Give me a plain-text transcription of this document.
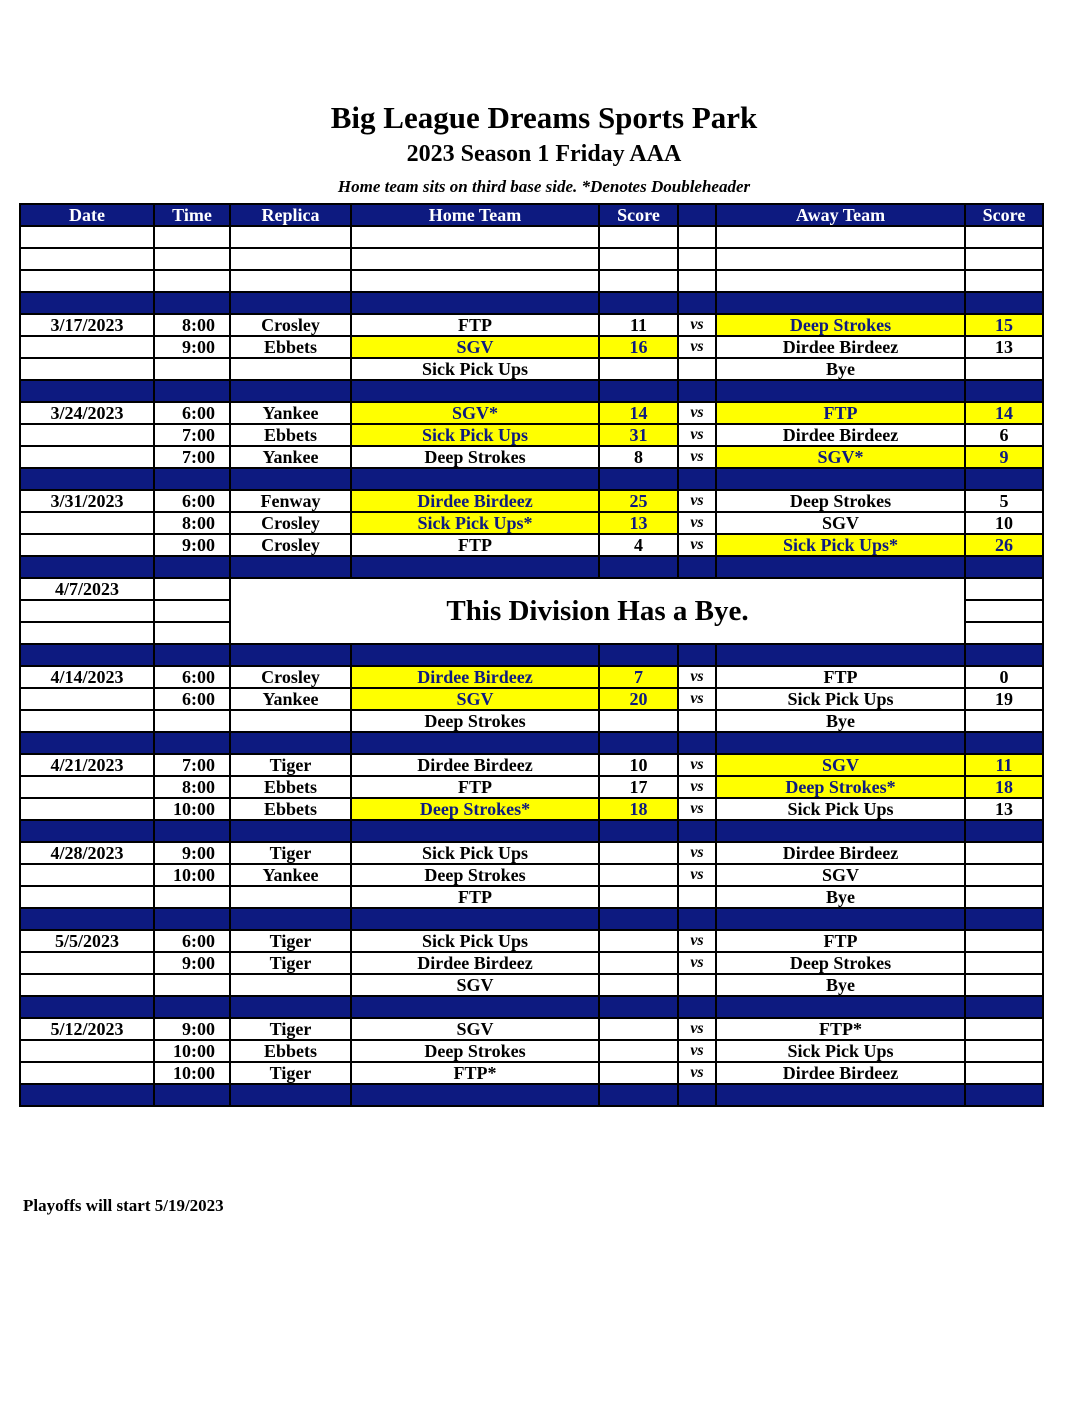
Big League Dreams Sports Park
2023 Season 1 Friday AAA
Home team sits on third base side. *Denotes Doubleheader
Date	Time	Replica	Home Team	Score		Away Team	Score

3/17/2023	8:00	Crosley	FTP	11	vs	Deep Strokes	15
	9:00	Ebbets	SGV	16	vs	Dirdee Birdeez	13
			Sick Pick Ups			Bye	

3/24/2023	6:00	Yankee	SGV*	14	vs	FTP	14
	7:00	Ebbets	Sick Pick Ups	31	vs	Dirdee Birdeez	6
	7:00	Yankee	Deep Strokes	8	vs	SGV*	9

3/31/2023	6:00	Fenway	Dirdee Birdeez	25	vs	Deep Strokes	5
	8:00	Crosley	Sick Pick Ups*	13	vs	SGV	10
	9:00	Crosley	FTP	4	vs	Sick Pick Ups*	26

4/7/2023		This Division Has a Bye.					

4/14/2023	6:00	Crosley	Dirdee Birdeez	7	vs	FTP	0
	6:00	Yankee	SGV	20	vs	Sick Pick Ups	19
			Deep Strokes			Bye	

4/21/2023	7:00	Tiger	Dirdee Birdeez	10	vs	SGV	11
	8:00	Ebbets	FTP	17	vs	Deep Strokes*	18
	10:00	Ebbets	Deep Strokes*	18	vs	Sick Pick Ups	13

4/28/2023	9:00	Tiger	Sick Pick Ups		vs	Dirdee Birdeez	
	10:00	Yankee	Deep Strokes		vs	SGV	
			FTP			Bye	

5/5/2023	6:00	Tiger	Sick Pick Ups		vs	FTP	
	9:00	Tiger	Dirdee Birdeez		vs	Deep Strokes	
			SGV			Bye	

5/12/2023	9:00	Tiger	SGV		vs	FTP*	
	10:00	Ebbets	Deep Strokes		vs	Sick Pick Ups	
	10:00	Tiger	FTP*		vs	Dirdee Birdeez	

Playoffs will start 5/19/2023
